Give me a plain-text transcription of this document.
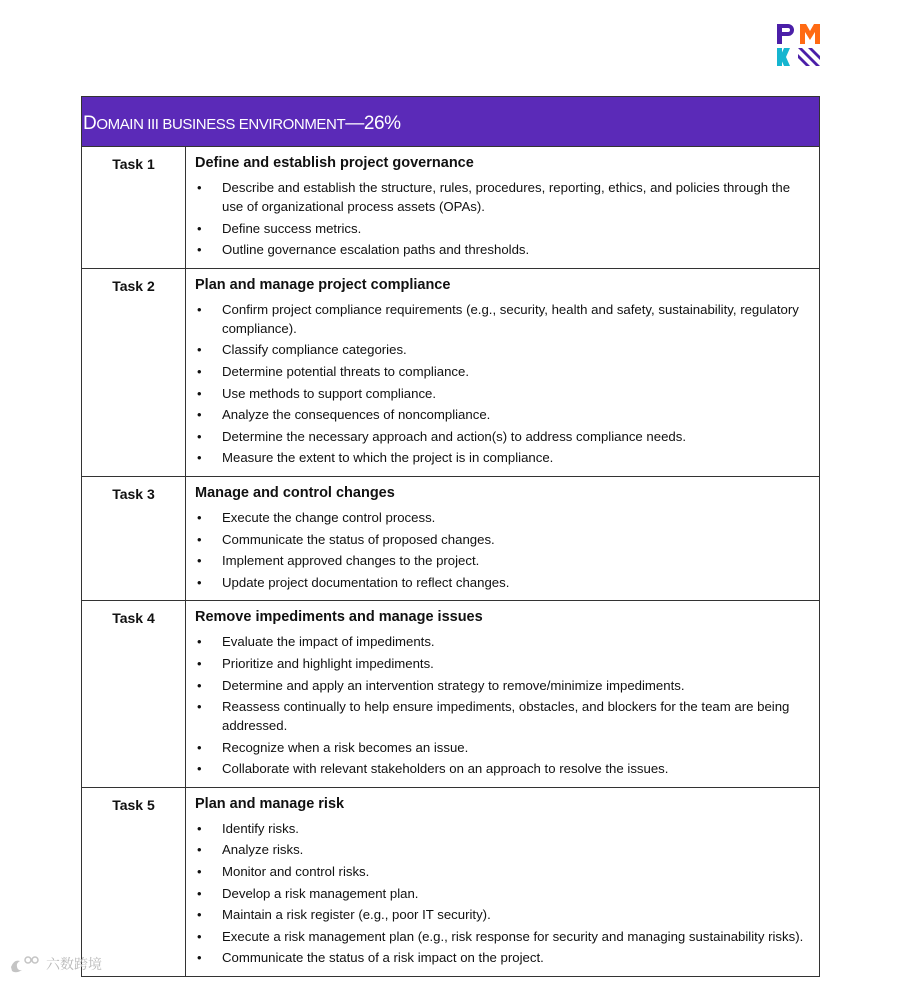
DOMAIN III BUSINESS ENVIRONMENT—26%
Task 1	Define and establish project governance
• Describe and establish the structure, rules, procedures, reporting, ethics, and policies through the use of organizational process assets (OPAs).
• Define success metrics.
• Outline governance escalation paths and thresholds.
Task 2	Plan and manage project compliance
• Confirm project compliance requirements (e.g., security, health and safety, sustainability, regulatory compliance).
• Classify compliance categories.
• Determine potential threats to compliance.
• Use methods to support compliance.
• Analyze the consequences of noncompliance.
• Determine the necessary approach and action(s) to address compliance needs.
• Measure the extent to which the project is in compliance.
Task 3	Manage and control changes
• Execute the change control process.
• Communicate the status of proposed changes.
• Implement approved changes to the project.
• Update project documentation to reflect changes.
Task 4	Remove impediments and manage issues
• Evaluate the impact of impediments.
• Prioritize and highlight impediments.
• Determine and apply an intervention strategy to remove/minimize impediments.
• Reassess continually to help ensure impediments, obstacles, and blockers for the team are being addressed.
• Recognize when a risk becomes an issue.
• Collaborate with relevant stakeholders on an approach to resolve the issues.
Task 5	Plan and manage risk
• Identify risks.
• Analyze risks.
• Monitor and control risks.
• Develop a risk management plan.
• Maintain a risk register (e.g., poor IT security).
• Execute a risk management plan (e.g., risk response for security and managing sustainability risks).
• Communicate the status of a risk impact on the project.
六数跨境
